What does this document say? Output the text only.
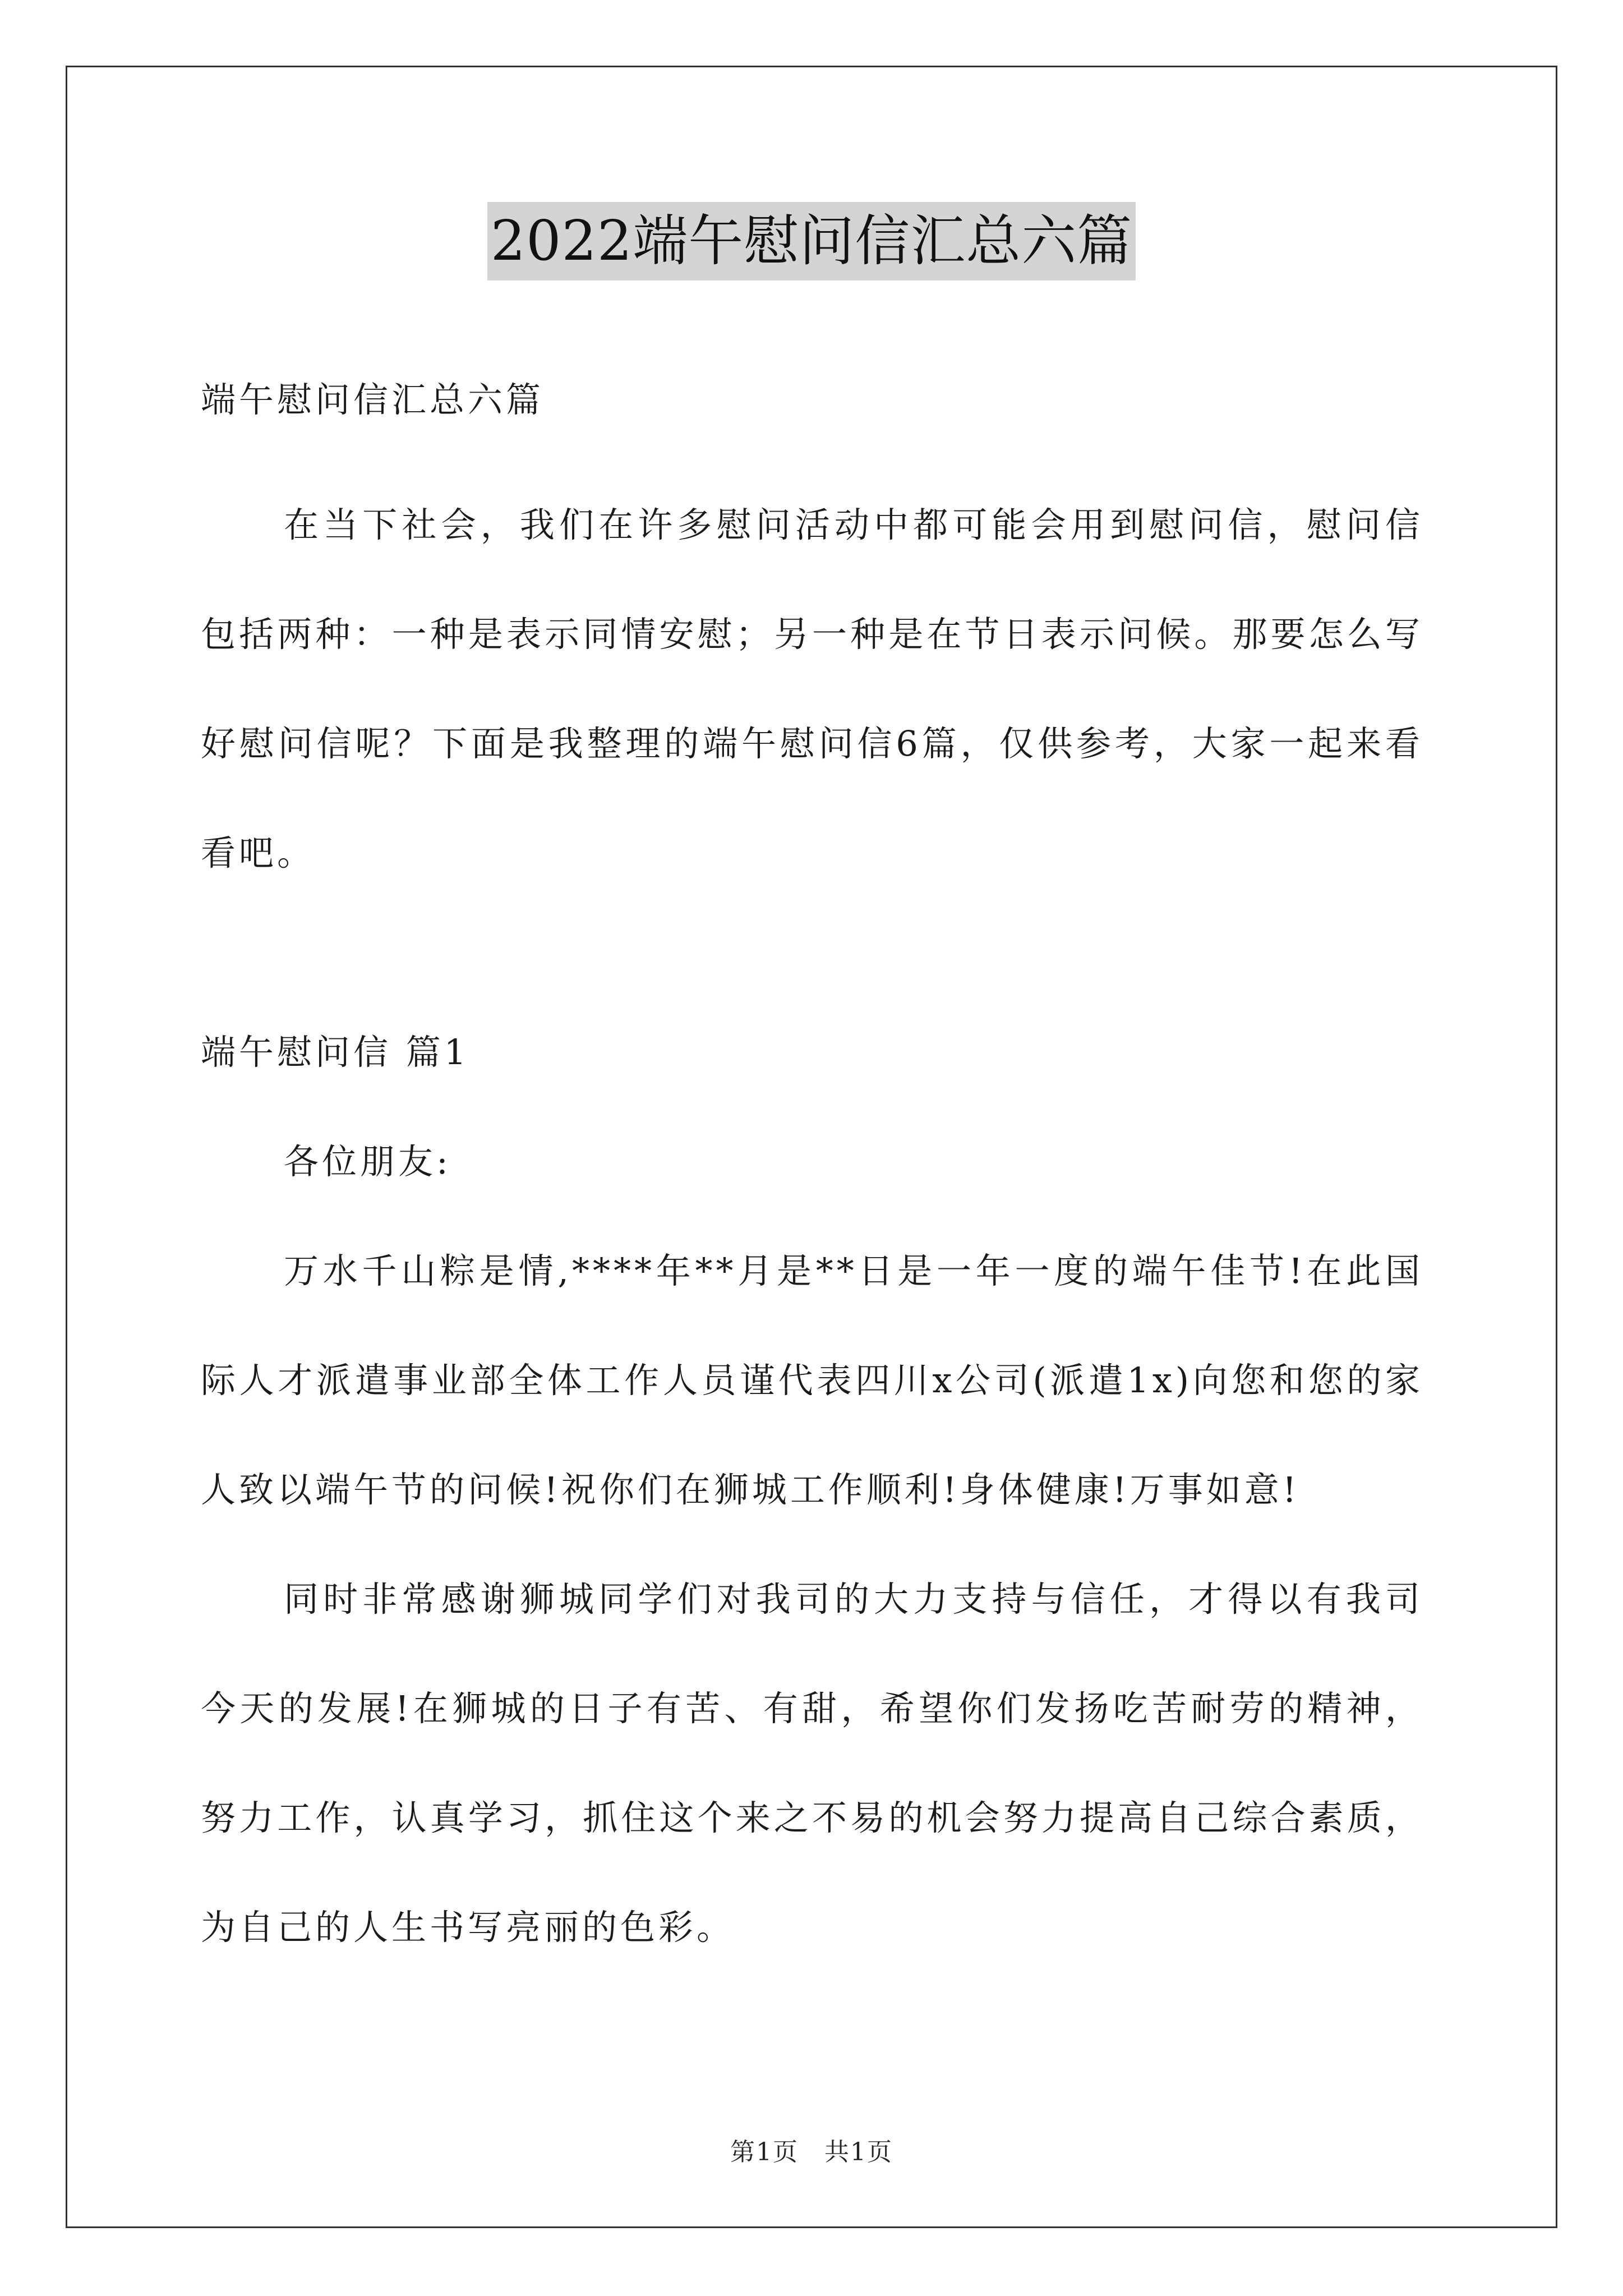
2022端午慰问信汇总六篇

端午慰问信汇总六篇

在当下社会，我们在许多慰问活动中都可能会用到慰问信，慰问信包括两种：一种是表示同情安慰；另一种是在节日表示问候。那要怎么写好慰问信呢？下面是我整理的端午慰问信6篇，仅供参考，大家一起来看看吧。

端午慰问信 篇1

各位朋友:

万水千山粽是情,****年**月是**日是一年一度的端午佳节!在此国际人才派遣事业部全体工作人员谨代表四川x公司(派遣1x)向您和您的家人致以端午节的问候!祝你们在狮城工作顺利!身体健康!万事如意!

同时非常感谢狮城同学们对我司的大力支持与信任，才得以有我司今天的发展!在狮城的日子有苦、有甜，希望你们发扬吃苦耐劳的精神，努力工作，认真学习，抓住这个来之不易的机会努力提高自己综合素质，为自己的人生书写亮丽的色彩。

第1页　共1页
